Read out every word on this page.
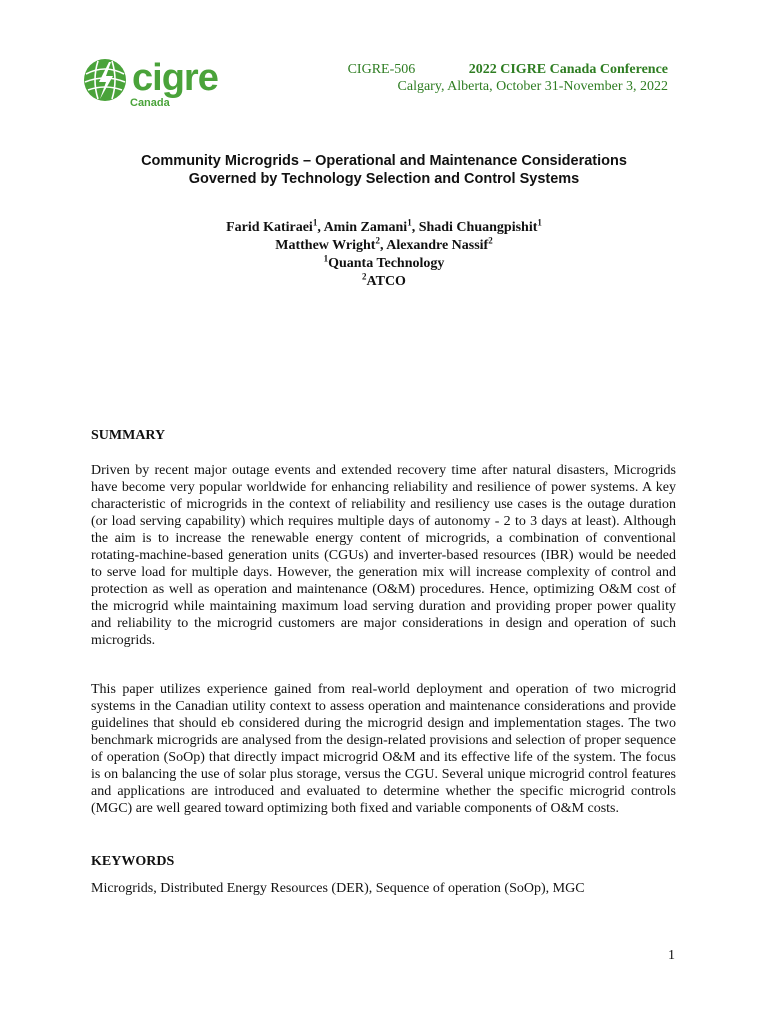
cigre
Canada
CIGRE-506	2022 CIGRE Canada Conference
Calgary, Alberta, October 31-November 3, 2022
Community Microgrids – Operational and Maintenance Considerations
Governed by Technology Selection and Control Systems
Farid Katiraei$^1$, Amin Zamani$^1$, Shadi Chuangpishit$^1$
Matthew Wright$^2$, Alexandre Nassif$^2$
$^1$Quanta Technology
$^2$ATCO
SUMMARY

Driven by recent major outage events and extended recovery time after natural disasters, Microgrids have become very popular worldwide for enhancing reliability and resilience of power systems. A key characteristic of microgrids in the context of reliability and resiliency use cases is the outage duration (or load serving capability) which requires multiple days of autonomy - 2 to 3 days at least). Although the aim is to increase the renewable energy content of microgrids, a combination of conventional rotating-machine-based generation units (CGUs) and inverter-based resources (IBR) would be needed to serve load for multiple days. However, the generation mix will increase complexity of control and protection as well as operation and maintenance (O&M) procedures. Hence, optimizing O&M cost of the microgrid while maintaining maximum load serving duration and providing proper power quality and reliability to the microgrid customers are major considerations in design and operation of such microgrids.

This paper utilizes experience gained from real-world deployment and operation of two microgrid systems in the Canadian utility context to assess operation and maintenance considerations and provide guidelines that should eb considered during the microgrid design and implementation stages. The two benchmark microgrids are analysed from the design-related provisions and selection of proper sequence of operation (SoOp) that directly impact microgrid O&M and its effective life of the system. The focus is on balancing the use of solar plus storage, versus the CGU. Several unique microgrid control features and applications are introduced and evaluated to determine whether the specific microgrid controls (MGC) are well geared toward optimizing both fixed and variable components of O&M costs.

KEYWORDS

Microgrids, Distributed Energy Resources (DER), Sequence of operation (SoOp), MGC

1
